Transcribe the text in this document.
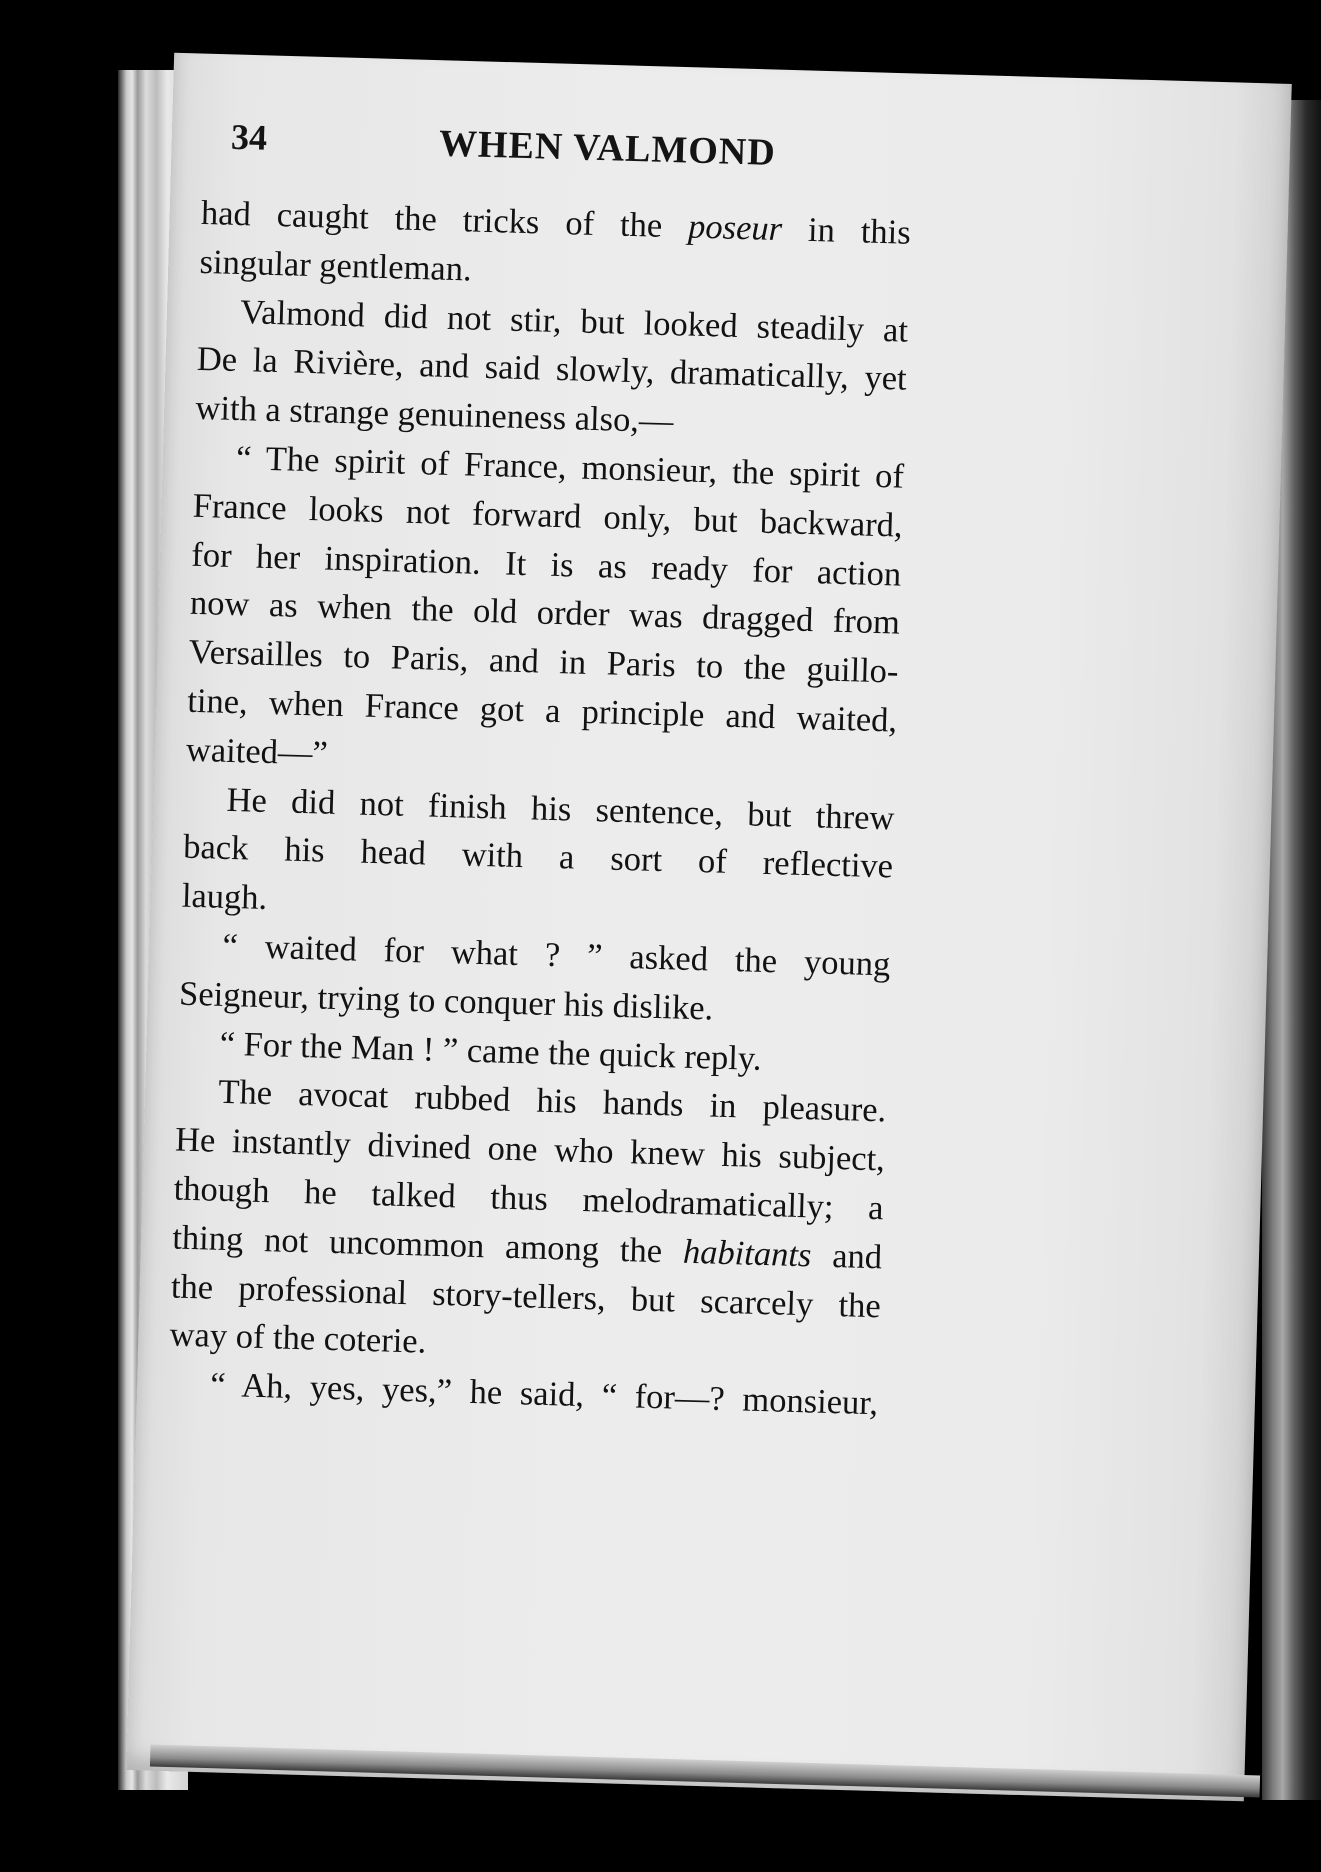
34	WHEN VALMOND
had caught the tricks of the poseur in this
singular gentleman.
Valmond did not stir, but looked steadily at
De la Rivière, and said slowly, dramatically, yet
with a strange genuineness also,—
“ The spirit of France, monsieur, the spirit of
France looks not forward only, but backward,
for her inspiration. It is as ready for action
now as when the old order was dragged from
Versailles to Paris, and in Paris to the guillo-
tine, when France got a principle and waited,
waited—”
He did not finish his sentence, but threw
back his head with a sort of reflective
laugh.
“ waited for what ? ” asked the young
Seigneur, trying to conquer his dislike.
“ For the Man ! ” came the quick reply.
The avocat rubbed his hands in pleasure.
He instantly divined one who knew his subject,
though he talked thus melodramatically; a
thing not uncommon among the habitants and
the professional story-tellers, but scarcely the
way of the coterie.
“ Ah, yes, yes,” he said, “ for—? monsieur,
